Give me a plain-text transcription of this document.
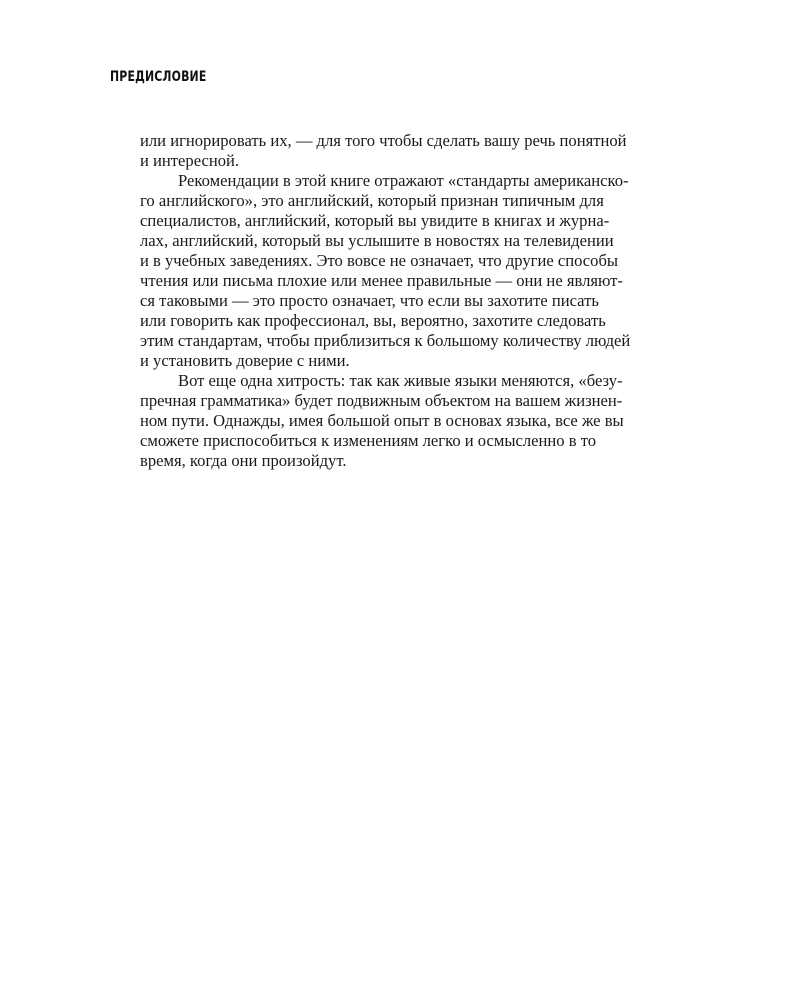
ПРЕДИСЛОВИЕ
или игнорировать их, — для того чтобы сделать вашу речь понятной
и интересной.
Рекомендации в этой книге отражают «стандарты американско-
го английского», это английский, который признан типичным для
специалистов, английский, который вы увидите в книгах и журна-
лах, английский, который вы услышите в новостях на телевидении
и в учебных заведениях. Это вовсе не означает, что другие способы
чтения или письма плохие или менее правильные — они не являют-
ся таковыми — это просто означает, что если вы захотите писать
или говорить как профессионал, вы, вероятно, захотите следовать
этим стандартам, чтобы приблизиться к большому количеству людей
и установить доверие с ними.
Вот еще одна хитрость: так как живые языки меняются, «безу-
пречная грамматика» будет подвижным объектом на вашем жизнен-
ном пути. Однажды, имея большой опыт в основах языка, все же вы
сможете приспособиться к изменениям легко и осмысленно в то
время, когда они произойдут.
